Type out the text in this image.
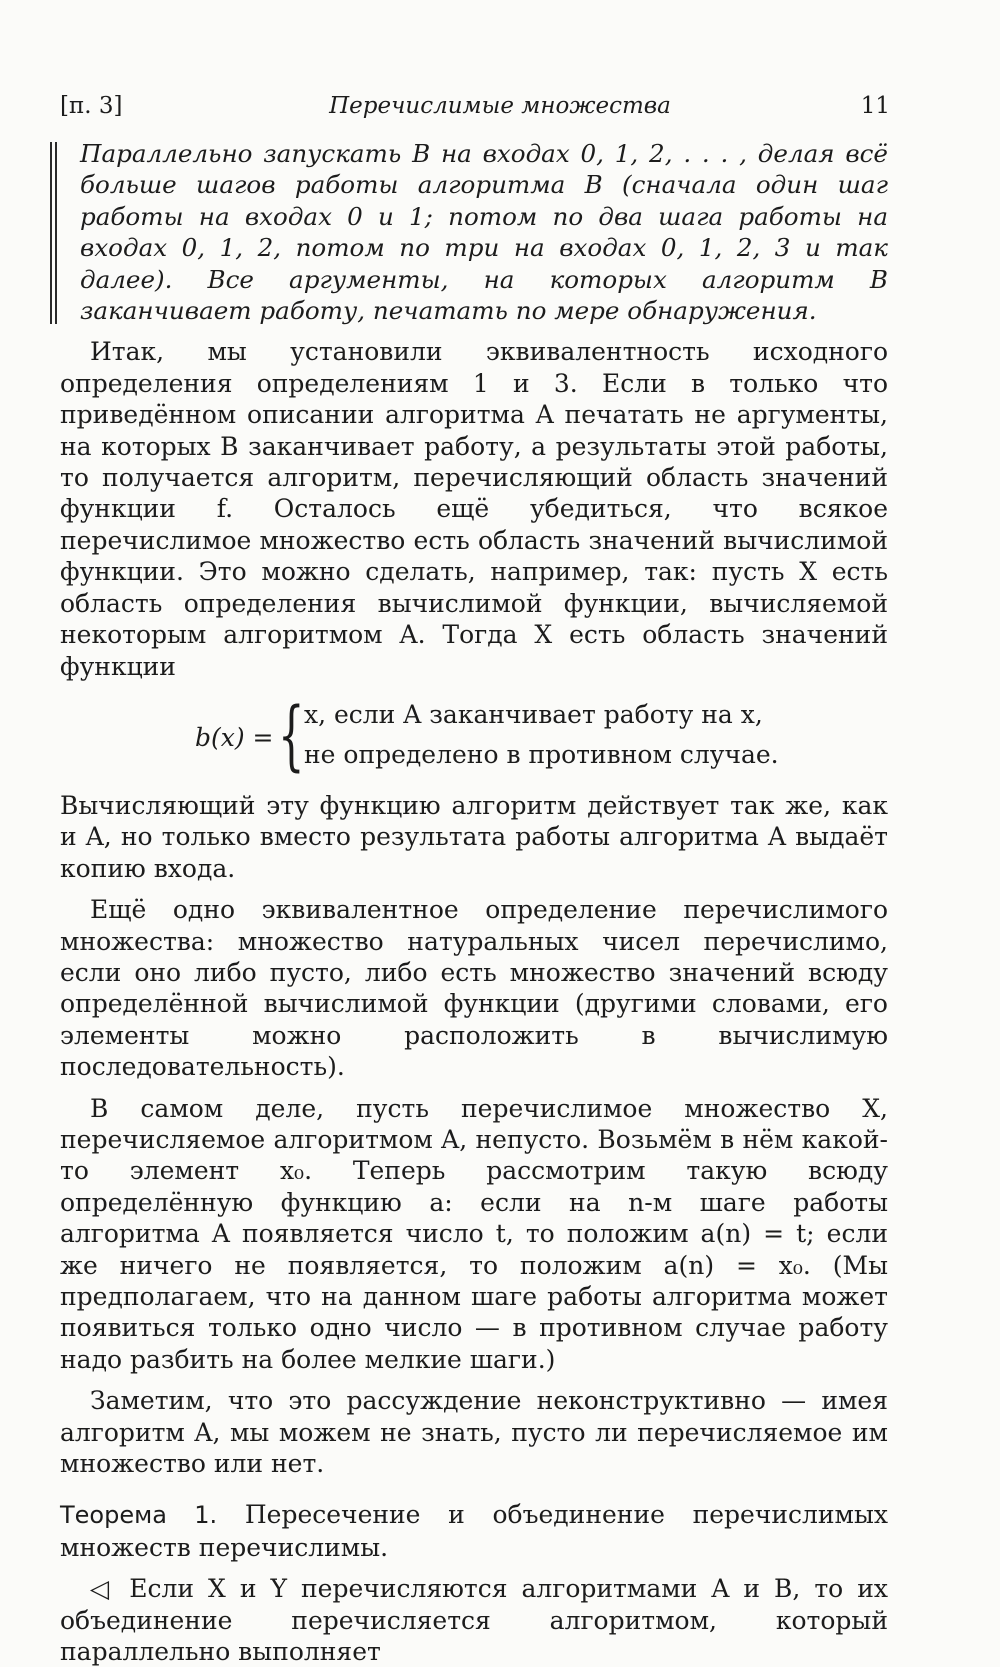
[п. 3]	Перечислимые множества	11

Параллельно запускать B на входах 0, 1, 2, . . . , делая всё больше шагов работы алгоритма B (сначала один шаг работы на входах 0 и 1; потом по два шага работы на входах 0, 1, 2, потом по три на входах 0, 1, 2, 3 и так далее). Все аргументы, на которых алгоритм B заканчивает работу, печатать по мере обнаружения.

Итак, мы установили эквивалентность исходного определения определениям 1 и 3. Если в только что приведённом описании алгоритма A печатать не аргументы, на которых B заканчивает работу, а результаты этой работы, то получается алгоритм, перечисляющий область значений функции f. Осталось ещё убедиться, что всякое перечислимое множество есть область значений вычислимой функции. Это можно сделать, например, так: пусть X есть область определения вычислимой функции, вычисляемой некоторым алгоритмом A. Тогда X есть область значений функции

b(x) = { x, если A заканчивает работу на x,
не определено в противном случае.

Вычисляющий эту функцию алгоритм действует так же, как и A, но только вместо результата работы алгоритма A выдаёт копию входа.

Ещё одно эквивалентное определение перечислимого множества: множество натуральных чисел перечислимо, если оно либо пусто, либо есть множество значений всюду определённой вычислимой функции (другими словами, его элементы можно расположить в вычислимую последовательность).

В самом деле, пусть перечислимое множество X, перечисляемое алгоритмом A, непусто. Возьмём в нём какой-то элемент x₀. Теперь рассмотрим такую всюду определённую функцию a: если на n-м шаге работы алгоритма A появляется число t, то положим a(n) = t; если же ничего не появляется, то положим a(n) = x₀. (Мы предполагаем, что на данном шаге работы алгоритма может появиться только одно число — в противном случае работу надо разбить на более мелкие шаги.)

Заметим, что это рассуждение неконструктивно — имея алгоритм A, мы можем не знать, пусто ли перечисляемое им множество или нет.

Теорема 1. Пересечение и объединение перечислимых множеств перечислимы.

◁ Если X и Y перечисляются алгоритмами A и B, то их объединение перечисляется алгоритмом, который параллельно выполняет
